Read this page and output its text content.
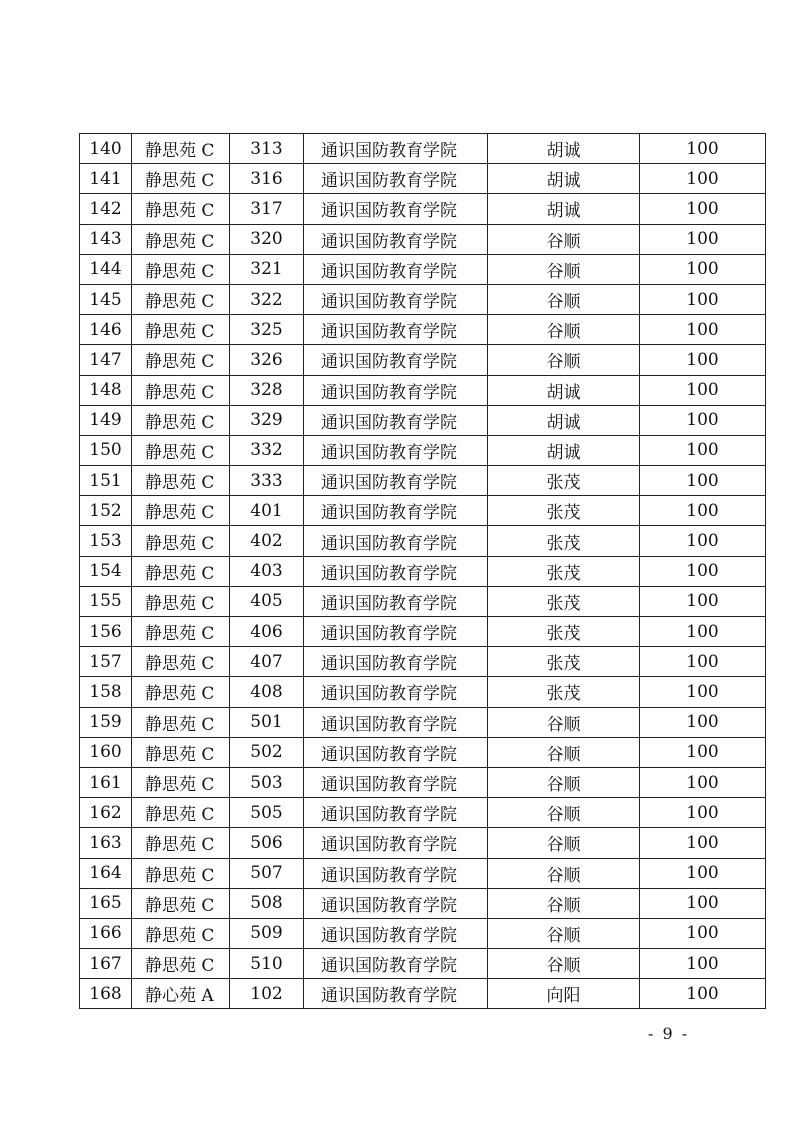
140	静思苑 C	313	通识国防教育学院	胡诚	100
141	静思苑 C	316	通识国防教育学院	胡诚	100
142	静思苑 C	317	通识国防教育学院	胡诚	100
143	静思苑 C	320	通识国防教育学院	谷顺	100
144	静思苑 C	321	通识国防教育学院	谷顺	100
145	静思苑 C	322	通识国防教育学院	谷顺	100
146	静思苑 C	325	通识国防教育学院	谷顺	100
147	静思苑 C	326	通识国防教育学院	谷顺	100
148	静思苑 C	328	通识国防教育学院	胡诚	100
149	静思苑 C	329	通识国防教育学院	胡诚	100
150	静思苑 C	332	通识国防教育学院	胡诚	100
151	静思苑 C	333	通识国防教育学院	张茂	100
152	静思苑 C	401	通识国防教育学院	张茂	100
153	静思苑 C	402	通识国防教育学院	张茂	100
154	静思苑 C	403	通识国防教育学院	张茂	100
155	静思苑 C	405	通识国防教育学院	张茂	100
156	静思苑 C	406	通识国防教育学院	张茂	100
157	静思苑 C	407	通识国防教育学院	张茂	100
158	静思苑 C	408	通识国防教育学院	张茂	100
159	静思苑 C	501	通识国防教育学院	谷顺	100
160	静思苑 C	502	通识国防教育学院	谷顺	100
161	静思苑 C	503	通识国防教育学院	谷顺	100
162	静思苑 C	505	通识国防教育学院	谷顺	100
163	静思苑 C	506	通识国防教育学院	谷顺	100
164	静思苑 C	507	通识国防教育学院	谷顺	100
165	静思苑 C	508	通识国防教育学院	谷顺	100
166	静思苑 C	509	通识国防教育学院	谷顺	100
167	静思苑 C	510	通识国防教育学院	谷顺	100
168	静心苑 A	102	通识国防教育学院	向阳	100
- 9 -
